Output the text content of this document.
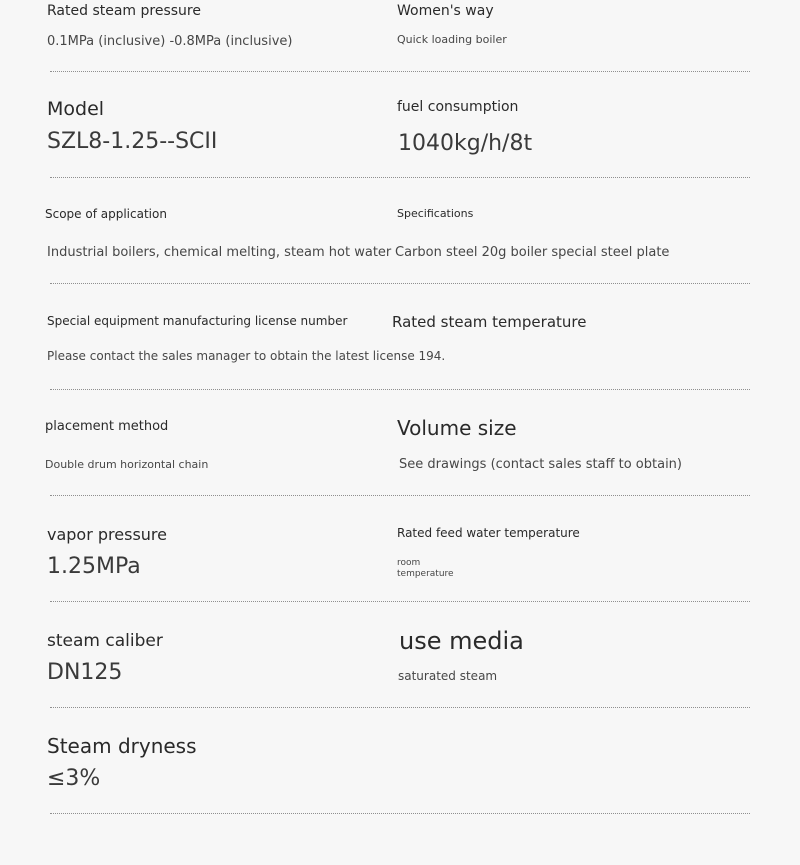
Rated steam pressure
0.1MPa (inclusive) -0.8MPa (inclusive)
Women's way
Quick loading boiler
Model
SZL8-1.25--SCII
fuel consumption
1040kg/h/8t
Scope of application
Industrial boilers, chemical melting, steam hot water
Specifications
Carbon steel 20g boiler special steel plate
Special equipment manufacturing license number
Please contact the sales manager to obtain the latest license 194.
Rated steam temperature
placement method
Double drum horizontal chain
Volume size
See drawings (contact sales staff to obtain)
vapor pressure
1.25MPa
Rated feed water temperature
room temperature
steam caliber
DN125
use media
saturated steam
Steam dryness
≤3%
